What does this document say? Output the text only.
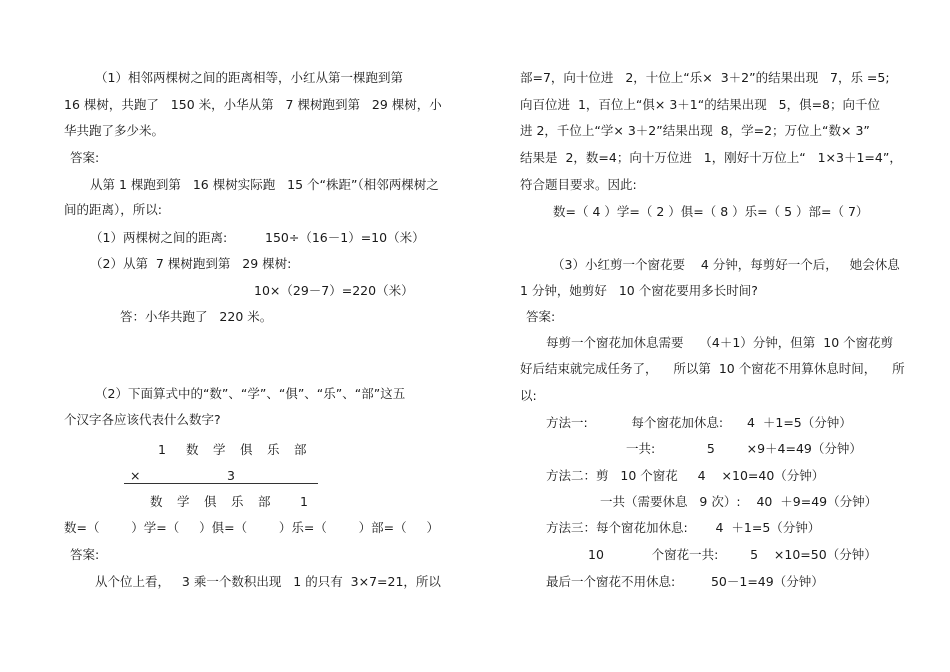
（1）相邻两棵树之间的距离相等，小红从第一棵跑到第
16 棵树，共跑了   150 米，小华从第   7 棵树跑到第   29 棵树，小
华共跑了多少米。
答案:
从第 1 棵跑到第   16 棵树实际跑   15 个“株距”（相邻两棵树之
间的距离），所以:
（1）两棵树之间的距离:	150÷（16－1）=10（米）
（2）从第  7 棵树跑到第   29 棵树:
10×（29－7）=220（米）
答：小华共跑了   220 米。
（2）下面算式中的“数”、“学”、“俱”、“乐”、“部”这五
个汉字各应该代表什么数字?
1 数 学 俱 乐 部
×	3
数 学 俱 乐 部 1
数=（        ）学=（     ）俱=（        ）乐=（        ）部=（     ）
答案:
从个位上看，   3 乘一个数积出现   1 的只有  3×7=21，所以
部=7，向十位进   2，十位上“乐×  3＋2”的结果出现   7，乐 =5;
向百位进  1，百位上“俱× 3＋1“的结果出现   5，俱=8；向千位
进 2，千位上“学× 3＋2”结果出现  8，学=2；万位上“数× 3”
结果是  2，数=4；向十万位进   1，刚好十万位上“   1×3＋1=4”，
符合题目要求。因此:
数=（ 4 ）学=（ 2 ）俱=（ 8 ）乐=（ 5 ）部=（ 7）
（3）小红剪一个窗花要    4 分钟，每剪好一个后，   她会休息
1 分钟，她剪好   10 个窗花要用多长时间?
答案:
每剪一个窗花加休息需要    （4＋1）分钟，但第  10 个窗花剪
好后结束就完成任务了，    所以第  10 个窗花不用算休息时间，    所
以:
方法一:           每个窗花加休息:      4  ＋1=5（分钟）
一共:             5        ×9＋4=49（分钟）
方法二：剪   10 个窗花     4    ×10=40（分钟）
一共（需要休息   9 次）:    40  ＋9=49（分钟）
方法三：每个窗花加休息:       4  ＋1=5（分钟）
10            个窗花一共:        5    ×10=50（分钟）
最后一个窗花不用休息:         50－1=49（分钟）
